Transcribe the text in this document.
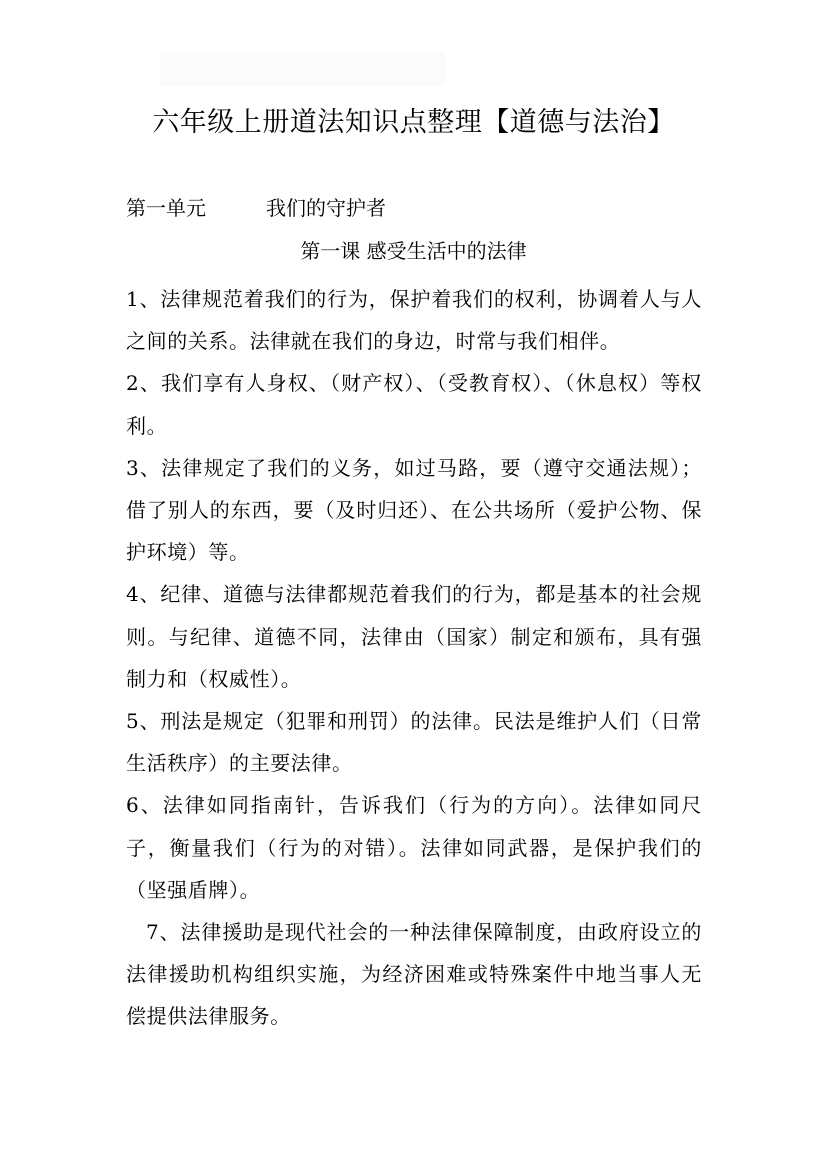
六年级上册道法知识点整理【道德与法治】
第一单元	我们的守护者
第一课 感受生活中的法律

1、法律规范着我们的行为，保护着我们的权利，协调着人与人之间的关系。法律就在我们的身边，时常与我们相伴。

2、我们享有人身权、（财产权）、（受教育权）、（休息权）等权利。

3、法律规定了我们的义务，如过马路，要（遵守交通法规）；借了别人的东西，要（及时归还）、在公共场所（爱护公物、保护环境）等。

4、纪律、道德与法律都规范着我们的行为，都是基本的社会规则。与纪律、道德不同，法律由（国家）制定和颁布，具有强制力和（权威性）。

5、刑法是规定（犯罪和刑罚）的法律。民法是维护人们（日常生活秩序）的主要法律。

6、法律如同指南针，告诉我们（行为的方向）。法律如同尺子，衡量我们（行为的对错）。法律如同武器，是保护我们的（坚强盾牌）。

7、法律援助是现代社会的一种法律保障制度，由政府设立的法律援助机构组织实施，为经济困难或特殊案件中地当事人无偿提供法律服务。
